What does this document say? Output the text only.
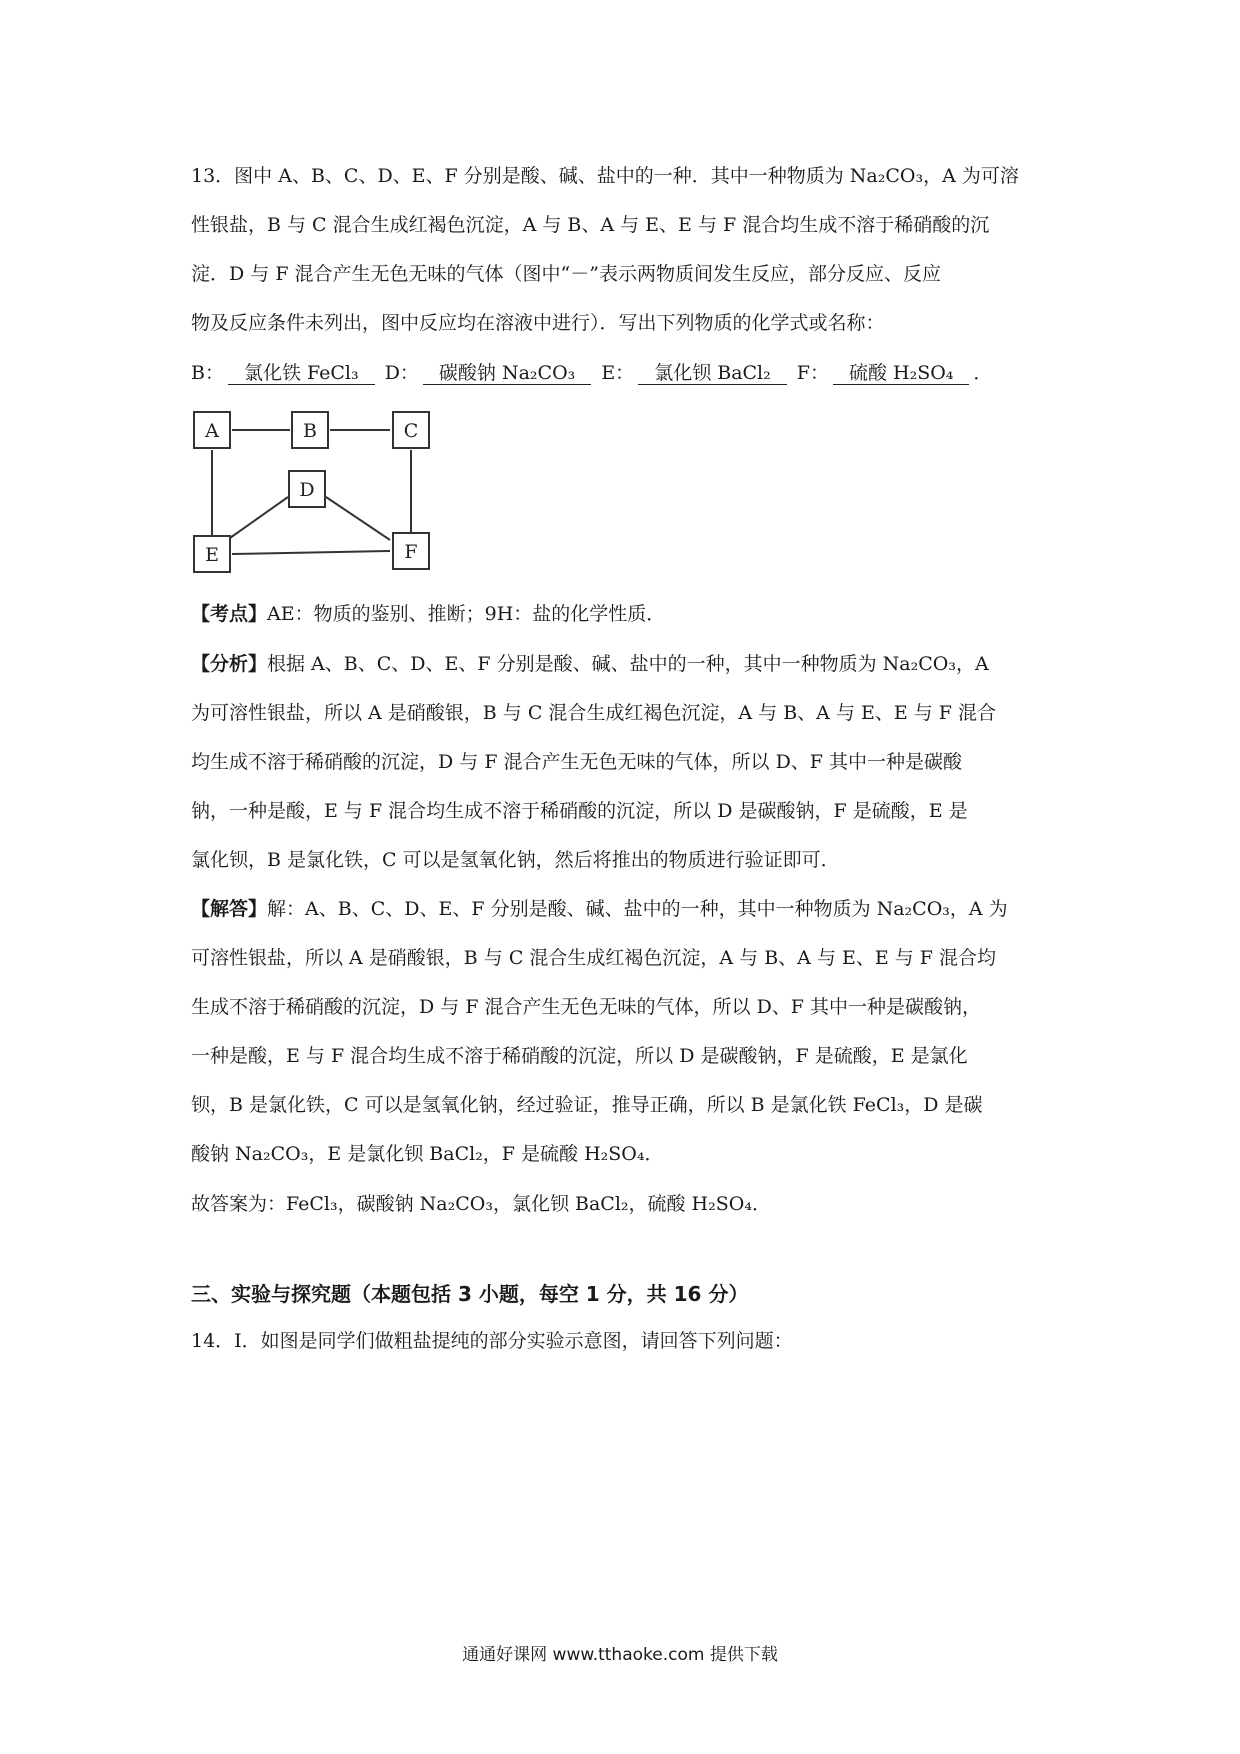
13．图中 A、B、C、D、E、F 分别是酸、碱、盐中的一种．其中一种物质为 Na₂CO₃，A 为可溶
性银盐，B 与 C 混合生成红褐色沉淀，A 与 B、A 与 E、E 与 F 混合均生成不溶于稀硝酸的沉
淀．D 与 F 混合产生无色无味的气体（图中“－”表示两物质间发生反应，部分反应、反应
物及反应条件未列出，图中反应均在溶液中进行）．写出下列物质的化学式或名称：
B： 氯化铁 FeCl₃ D： 碳酸钠 Na₂CO₃ E： 氯化钡 BaCl₂ F： 硫酸 H₂SO₄ ．
A	B	C
D
E	F
【考点】AE：物质的鉴别、推断；9H：盐的化学性质．
【分析】根据 A、B、C、D、E、F 分别是酸、碱、盐中的一种，其中一种物质为 Na₂CO₃，A
为可溶性银盐，所以 A 是硝酸银，B 与 C 混合生成红褐色沉淀，A 与 B、A 与 E、E 与 F 混合
均生成不溶于稀硝酸的沉淀，D 与 F 混合产生无色无味的气体，所以 D、F 其中一种是碳酸
钠，一种是酸，E 与 F 混合均生成不溶于稀硝酸的沉淀，所以 D 是碳酸钠，F 是硫酸，E 是
氯化钡，B 是氯化铁，C 可以是氢氧化钠，然后将推出的物质进行验证即可．
【解答】解：A、B、C、D、E、F 分别是酸、碱、盐中的一种，其中一种物质为 Na₂CO₃，A 为
可溶性银盐，所以 A 是硝酸银，B 与 C 混合生成红褐色沉淀，A 与 B、A 与 E、E 与 F 混合均
生成不溶于稀硝酸的沉淀，D 与 F 混合产生无色无味的气体，所以 D、F 其中一种是碳酸钠，
一种是酸，E 与 F 混合均生成不溶于稀硝酸的沉淀，所以 D 是碳酸钠，F 是硫酸，E 是氯化
钡，B 是氯化铁，C 可以是氢氧化钠，经过验证，推导正确，所以 B 是氯化铁 FeCl₃，D 是碳
酸钠 Na₂CO₃，E 是氯化钡 BaCl₂，F 是硫酸 H₂SO₄．
故答案为：FeCl₃，碳酸钠 Na₂CO₃，氯化钡 BaCl₂，硫酸 H₂SO₄．
三、实验与探究题（本题包括 3 小题，每空 1 分，共 16 分）
14．Ⅰ．如图是同学们做粗盐提纯的部分实验示意图，请回答下列问题：
通通好课网 www.tthaoke.com 提供下载
